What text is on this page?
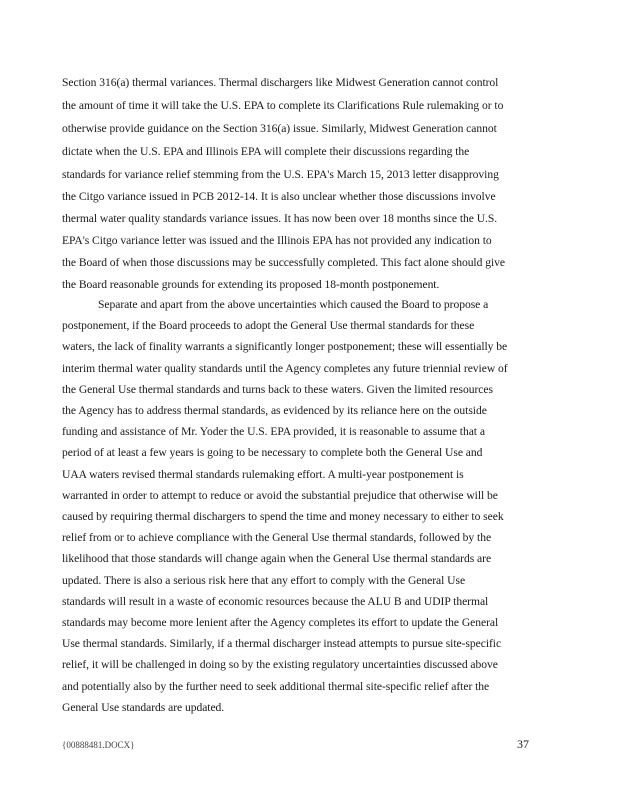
Section 316(a) thermal variances. Thermal dischargers like Midwest Generation cannot control
the amount of time it will take the U.S. EPA to complete its Clarifications Rule rulemaking or to
otherwise provide guidance on the Section 316(a) issue. Similarly, Midwest Generation cannot
dictate when the U.S. EPA and Illinois EPA will complete their discussions regarding the
standards for variance relief stemming from the U.S. EPA's March 15, 2013 letter disapproving
the Citgo variance issued in PCB 2012-14. It is also unclear whether those discussions involve
thermal water quality standards variance issues. It has now been over 18 months since the U.S.
EPA's Citgo variance letter was issued and the Illinois EPA has not provided any indication to
the Board of when those discussions may be successfully completed. This fact alone should give
the Board reasonable grounds for extending its proposed 18-month postponement.
Separate and apart from the above uncertainties which caused the Board to propose a
postponement, if the Board proceeds to adopt the General Use thermal standards for these
waters, the lack of finality warrants a significantly longer postponement; these will essentially be
interim thermal water quality standards until the Agency completes any future triennial review of
the General Use thermal standards and turns back to these waters. Given the limited resources
the Agency has to address thermal standards, as evidenced by its reliance here on the outside
funding and assistance of Mr. Yoder the U.S. EPA provided, it is reasonable to assume that a
period of at least a few years is going to be necessary to complete both the General Use and
UAA waters revised thermal standards rulemaking effort. A multi-year postponement is
warranted in order to attempt to reduce or avoid the substantial prejudice that otherwise will be
caused by requiring thermal dischargers to spend the time and money necessary to either to seek
relief from or to achieve compliance with the General Use thermal standards, followed by the
likelihood that those standards will change again when the General Use thermal standards are
updated. There is also a serious risk here that any effort to comply with the General Use
standards will result in a waste of economic resources because the ALU B and UDIP thermal
standards may become more lenient after the Agency completes its effort to update the General
Use thermal standards. Similarly, if a thermal discharger instead attempts to pursue site-specific
relief, it will be challenged in doing so by the existing regulatory uncertainties discussed above
and potentially also by the further need to seek additional thermal site-specific relief after the
General Use standards are updated.
{00888481.DOCX}	37
